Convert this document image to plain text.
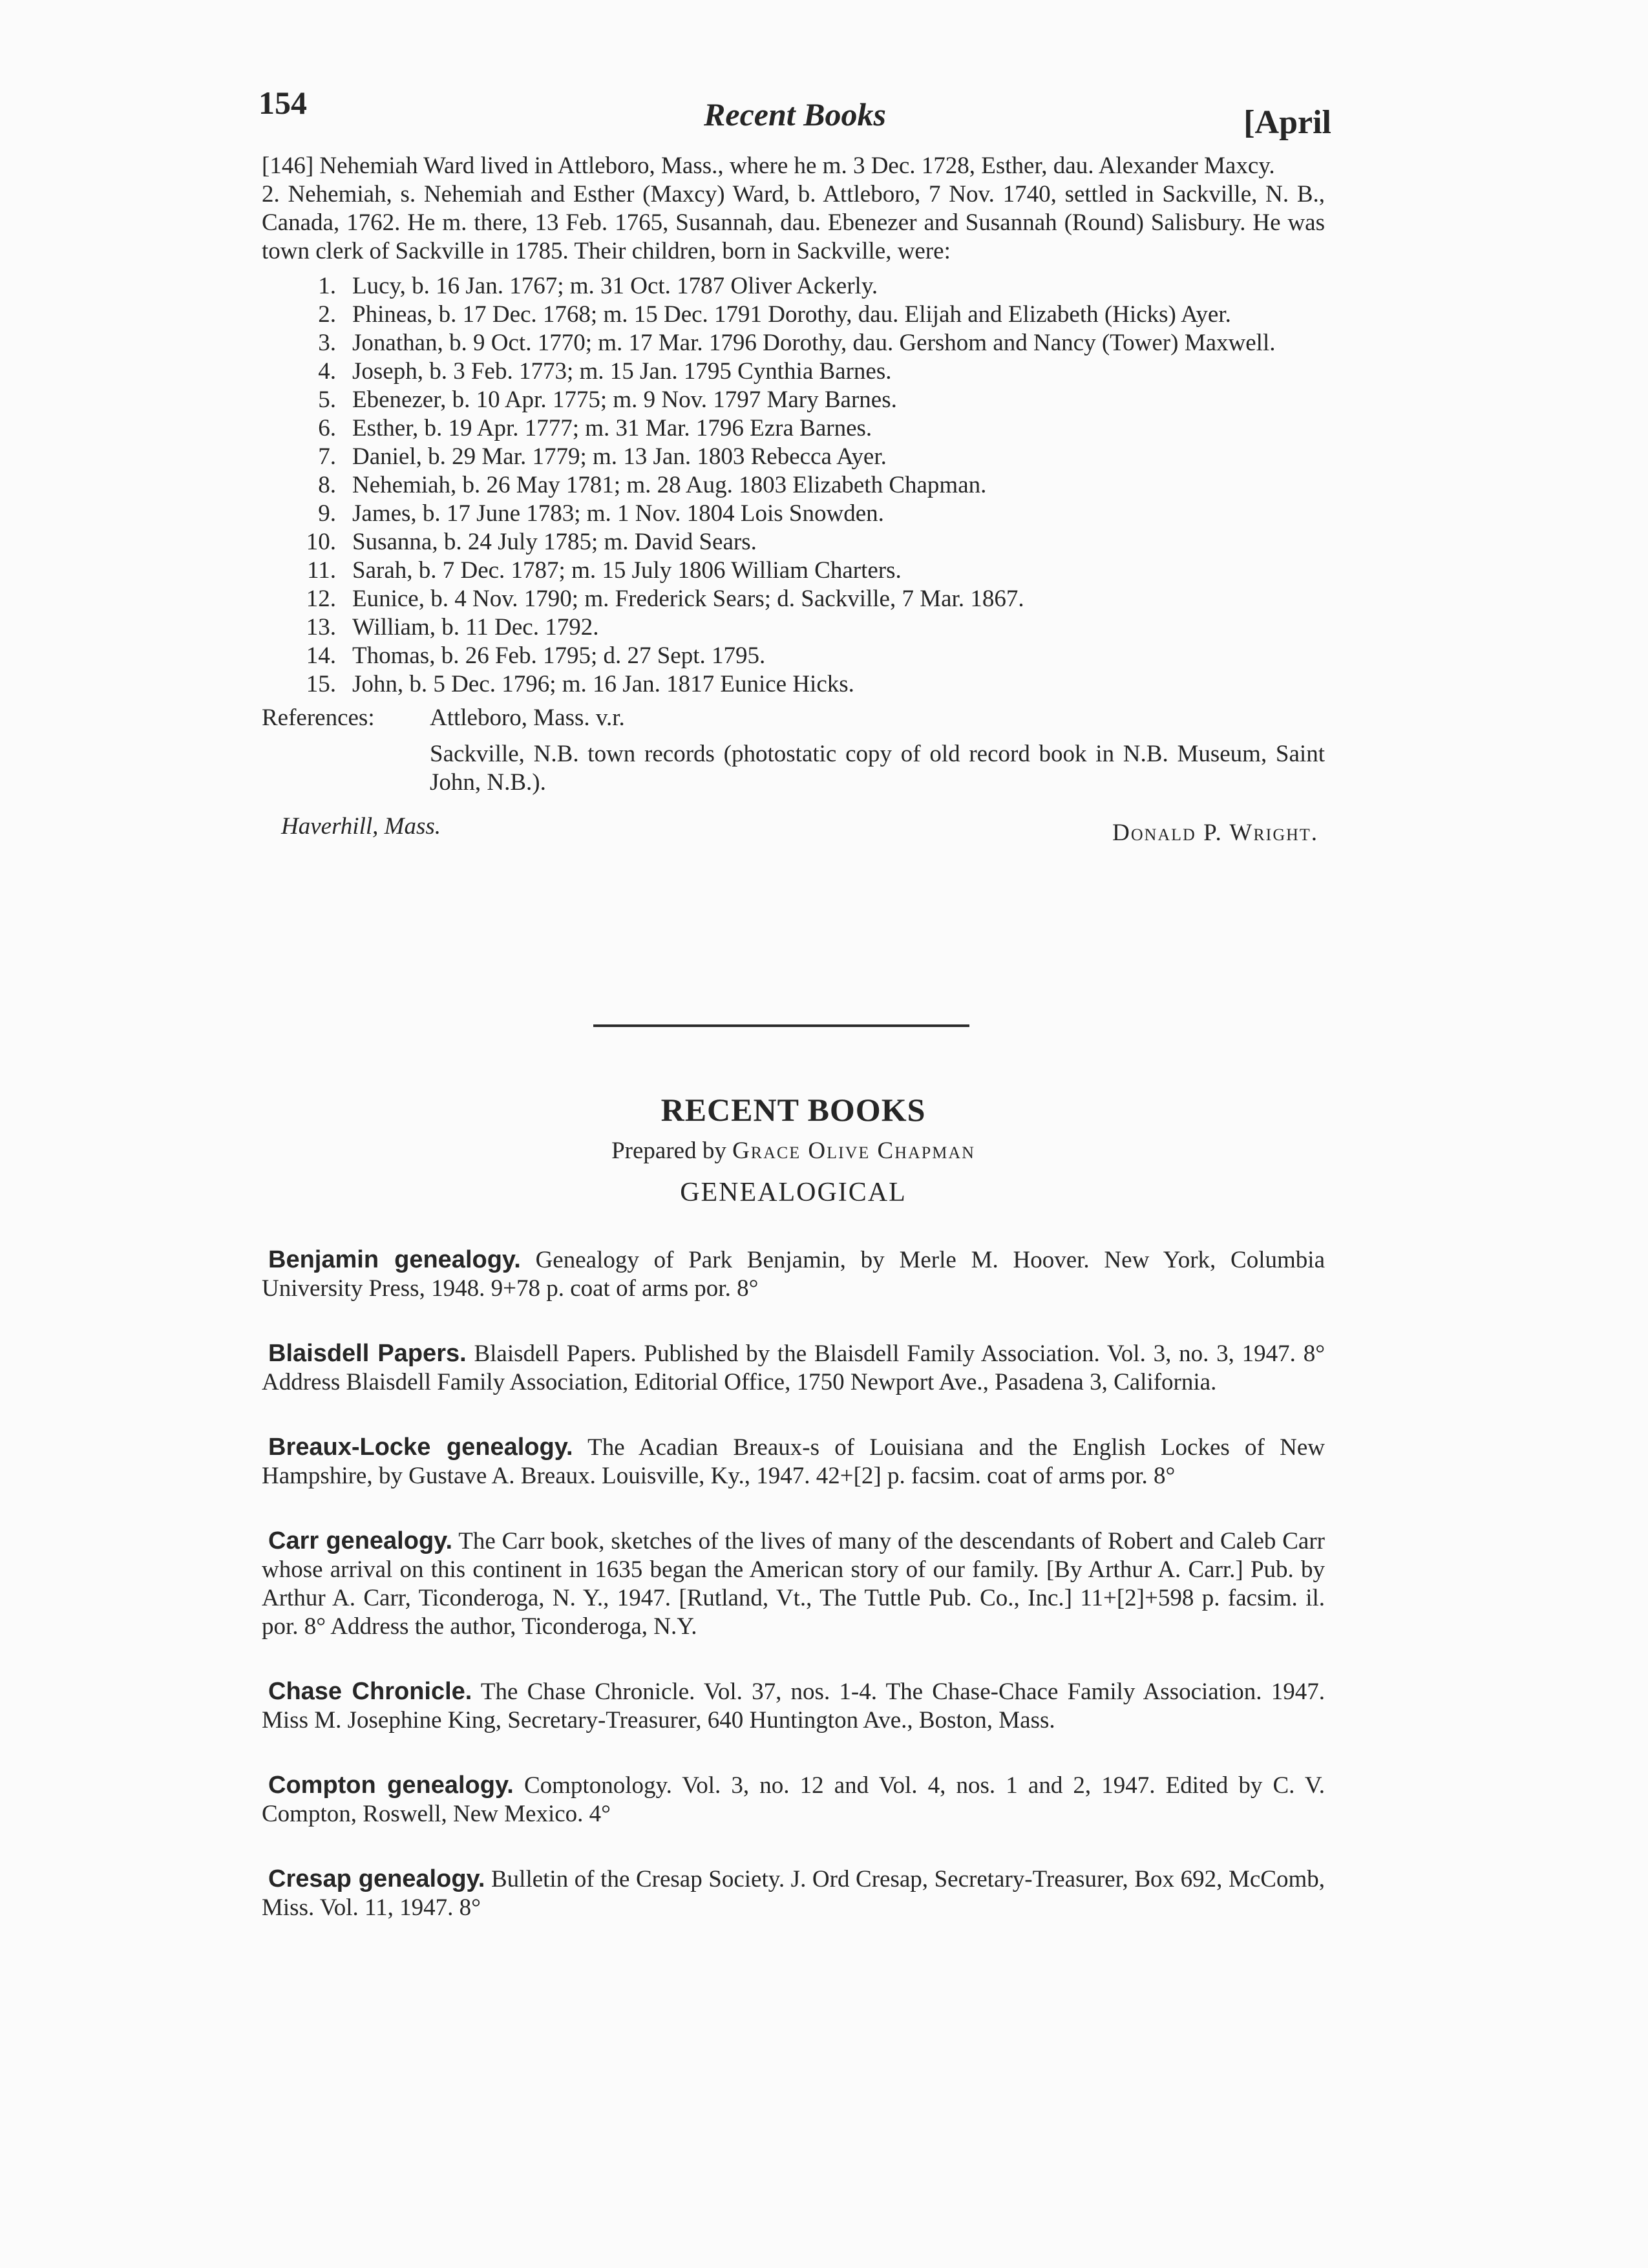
154	Recent Books	[April

[146] Nehemiah Ward lived in Attleboro, Mass., where he m. 3 Dec. 1728, Esther, dau. Alexander Maxcy.

2. Nehemiah, s. Nehemiah and Esther (Maxcy) Ward, b. Attleboro, 7 Nov. 1740, settled in Sackville, N. B., Canada, 1762. He m. there, 13 Feb. 1765, Susannah, dau. Ebenezer and Susannah (Round) Salisbury. He was town clerk of Sackville in 1785. Their children, born in Sackville, were:

1. Lucy, b. 16 Jan. 1767; m. 31 Oct. 1787 Oliver Ackerly.
2. Phineas, b. 17 Dec. 1768; m. 15 Dec. 1791 Dorothy, dau. Elijah and Elizabeth (Hicks) Ayer.
3. Jonathan, b. 9 Oct. 1770; m. 17 Mar. 1796 Dorothy, dau. Gershom and Nancy (Tower) Maxwell.
4. Joseph, b. 3 Feb. 1773; m. 15 Jan. 1795 Cynthia Barnes.
5. Ebenezer, b. 10 Apr. 1775; m. 9 Nov. 1797 Mary Barnes.
6. Esther, b. 19 Apr. 1777; m. 31 Mar. 1796 Ezra Barnes.
7. Daniel, b. 29 Mar. 1779; m. 13 Jan. 1803 Rebecca Ayer.
8. Nehemiah, b. 26 May 1781; m. 28 Aug. 1803 Elizabeth Chapman.
9. James, b. 17 June 1783; m. 1 Nov. 1804 Lois Snowden.
10. Susanna, b. 24 July 1785; m. David Sears.
11. Sarah, b. 7 Dec. 1787; m. 15 July 1806 William Charters.
12. Eunice, b. 4 Nov. 1790; m. Frederick Sears; d. Sackville, 7 Mar. 1867.
13. William, b. 11 Dec. 1792.
14. Thomas, b. 26 Feb. 1795; d. 27 Sept. 1795.
15. John, b. 5 Dec. 1796; m. 16 Jan. 1817 Eunice Hicks.
References: Attleboro, Mass. v.r.
Sackville, N.B. town records (photostatic copy of old record book in N.B. Museum, Saint John, N.B.).
Haverhill, Mass.	Donald P. Wright.
RECENT BOOKS
Prepared by Grace Olive Chapman
GENEALOGICAL

Benjamin genealogy. Genealogy of Park Benjamin, by Merle M. Hoover. New York, Columbia University Press, 1948. 9+78 p. coat of arms por. 8°

Blaisdell Papers. Blaisdell Papers. Published by the Blaisdell Family Association. Vol. 3, no. 3, 1947. 8° Address Blaisdell Family Association, Editorial Office, 1750 Newport Ave., Pasadena 3, California.

Breaux-Locke genealogy. The Acadian Breaux-s of Louisiana and the English Lockes of New Hampshire, by Gustave A. Breaux. Louisville, Ky., 1947. 42+[2] p. facsim. coat of arms por. 8°

Carr genealogy. The Carr book, sketches of the lives of many of the descendants of Robert and Caleb Carr whose arrival on this continent in 1635 began the American story of our family. [By Arthur A. Carr.] Pub. by Arthur A. Carr, Ticonderoga, N. Y., 1947. [Rutland, Vt., The Tuttle Pub. Co., Inc.] 11+[2]+598 p. facsim. il. por. 8° Address the author, Ticonderoga, N.Y.

Chase Chronicle. The Chase Chronicle. Vol. 37, nos. 1-4. The Chase-Chace Family Association. 1947. Miss M. Josephine King, Secretary-Treasurer, 640 Huntington Ave., Boston, Mass.

Compton genealogy. Comptonology. Vol. 3, no. 12 and Vol. 4, nos. 1 and 2, 1947. Edited by C. V. Compton, Roswell, New Mexico. 4°

Cresap genealogy. Bulletin of the Cresap Society. J. Ord Cresap, Secretary-Treasurer, Box 692, McComb, Miss. Vol. 11, 1947. 8°
